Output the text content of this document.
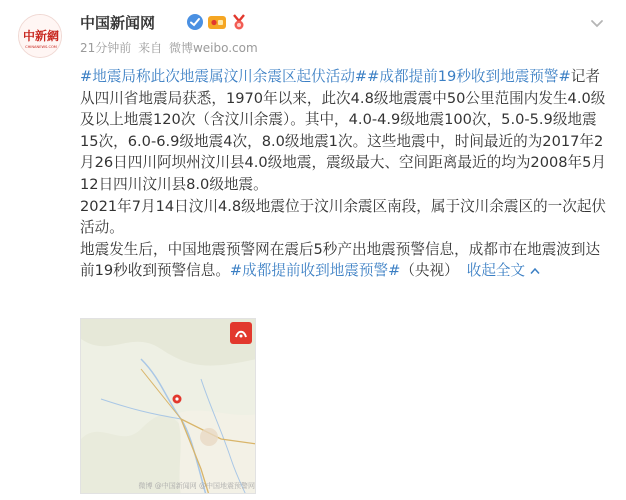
中新網
CHINANEWS.COM
中国新闻网
21分钟前 来自 微博weibo.com

#地震局称此次地震属汶川余震区起伏活动##成都提前19秒收到地震预警#记者从四川省地震局获悉，1970年以来，此次4.8级地震震中50公里范围内发生4.0级及以上地震120次（含汶川余震）。其中，4.0-4.9级地震100次，5.0-5.9级地震15次，6.0-6.9级地震4次，8.0级地震1次。这些地震中，时间最近的为2017年2月26日四川阿坝州汶川县4.0级地震，震级最大、空间距离最近的均为2008年5月12日四川汶川县8.0级地震。

2021年7月14日汶川4.8级地震位于汶川余震区南段，属于汶川余震区的一次起伏活动。

地震发生后，中国地震预警网在震后5秒产出地震预警信息，成都市在地震波到达前19秒收到预警信息。#成都提前收到地震预警#（央视） 收起全文

微博 @中国新闻网 @中国地震预警网
